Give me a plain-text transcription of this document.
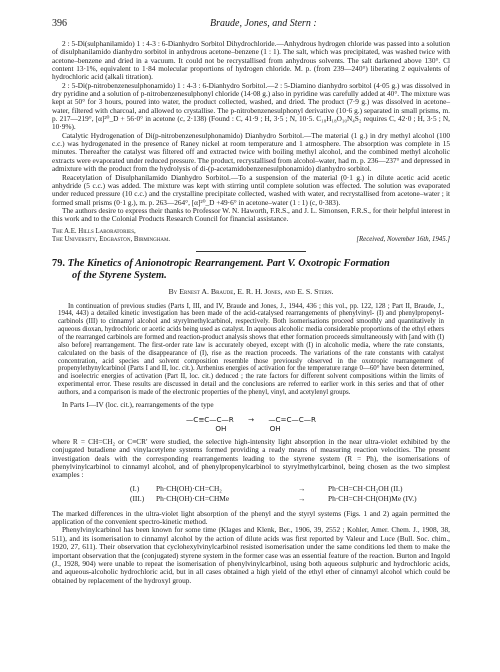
396	Braude, Jones, and Stern :

2 : 5-Di(sulphanilamido) 1 : 4-3 : 6-Dianhydro Sorbitol Dihydrochloride.—Anhydrous hydrogen chloride was passed into a solution of disulphanilamido dianhydro sorbitol in anhydrous acetone–benzene (1 : 1). The salt, which was precipitated, was washed twice with acetone–benzene and dried in a vacuum. It could not be recrystallised from anhydrous solvents. The salt darkened above 130°. Cl content 13·1%, equivalent to 1·84 molecular proportions of hydrogen chloride. M. p. (from 239—240°) liberating 2 equivalents of hydrochloric acid (alkali titration).

2 : 5-Di(p-nitrobenzenesulphonamido) 1 : 4-3 : 6-Dianhydro Sorbitol.—2 : 5-Diamino dianhydro sorbitol (4·05 g.) was dissolved in dry pyridine and a solution of p-nitrobenzenesulphonyl chloride (14·08 g.) also in pyridine was carefully added at 40°. The mixture was kept at 50° for 3 hours, poured into water, the product collected, washed, and dried. The product (7·9 g.) was dissolved in acetone–water, filtered with charcoal, and allowed to crystallise. The p-nitrobenzenesulphonyl derivative (10·6 g.) separated in small prisms, m. p. 217—219°, [α]²⁰_D + 56·0° in acetone (c, 2·138) (Found : C, 41·9 ; H, 3·5 ; N, 10·5. C₁₈H₁₈O₁₀N₄S₂ requires C, 42·0 ; H, 3·5 ; N, 10·9%).

Catalytic Hydrogenation of Di(p-nitrobenzenesulphonamido) Dianhydro Sorbitol.—The material (1 g.) in dry methyl alcohol (100 c.c.) was hydrogenated in the presence of Raney nickel at room temperature and 1 atmosphere. The absorption was complete in 15 minutes. Thereafter the catalyst was filtered off and extracted twice with boiling methyl alcohol, and the combined methyl alcoholic extracts were evaporated under reduced pressure. The product, recrystallised from alcohol–water, had m. p. 236—237° and depressed in admixture with the product from the hydrolysis of di-(p-acetamidobenzenesulphonamido) dianhydro sorbitol.

Reacetylation of Disulphanilamido Dianhydro Sorbitol.—To a suspension of the material (0·1 g.) in dilute acetic acid acetic anhydride (5 c.c.) was added. The mixture was kept with stirring until complete solution was effected. The solution was evaporated under reduced pressure (10 c.c.) and the crystalline precipitate collected, washed with water, and recrystallised from acetone–water ; it formed small prisms (0·1 g.), m. p. 263—264°, [α]²⁰_D +49·6° in acetone–water (1 : 1) (c, 0·383).

The authors desire to express their thanks to Professor W. N. Haworth, F.R.S., and J. L. Simonsen, F.R.S., for their helpful interest in this work and to the Colonial Products Research Council for financial assistance.

The A.E. Hills Laboratories,
The University, Edgbaston, Birmingham.	[Received, November 16th, 1945.]
79. The Kinetics of Anionotropic Rearrangement. Part V. Oxotropic Formation
of the Styrene System.
By Ernest A. Braude, E. R. H. Jones, and E. S. Stern.

In continuation of previous studies (Parts I, III, and IV, Braude and Jones, J., 1944, 436 ; this vol., pp. 122, 128 ; Part II, Braude, J., 1944, 443) a detailed kinetic investigation has been made of the acid-catalysed rearrangements of phenylvinyl- (I) and phenylpropenyl-carbinols (III) to cinnamyl alcohol and styrylmethylcarbinol, respectively. Both isomerisations proceed smoothly and quantitatively in aqueous dioxan, hydrochloric or acetic acids being used as catalyst. In aqueous alcoholic media considerable proportions of the ethyl ethers of the rearranged carbinols are formed and reaction-product analysis shows that ether formation proceeds simultaneously with [and with (I) also before] rearrangement. The first-order rate law is accurately obeyed, except with (I) in alcoholic media, where the rate constants, calculated on the basis of the disappearance of (I), rise as the reaction proceeds. The variations of the rate constants with catalyst concentration, acid species and solvent composition resemble those previously observed in the oxotropic rearrangement of propenylethynylcarbinol (Parts I and II, loc. cit.). Arrhenius energies of activation for the temperature range 0—60° have been determined, and isoelectric energies of activation (Part II, loc. cit.) deduced ; the rate factors for different solvent compositions within the limits of experimental error. These results are discussed in detail and the conclusions are referred to earlier work in this series and that of other authors, and a comparison is made of the electronic properties of the phenyl, vinyl, and acetylenyl groups.

In Parts I—IV (loc. cit.), rearrangements of the type

—C≡C—C—R
OH
→ —C=C—C—R
OH

where R = CH=CH₂ or C≡CR′ were studied, the selective high-intensity light absorption in the near ultra-violet exhibited by the conjugated butadiene and vinylacetylene systems formed providing a ready means of measuring reaction velocities. The present investigation deals with the corresponding rearrangements leading to the styrene system (R = Ph), the isomerisations of phenylvinylcarbinol to cinnamyl alcohol, and of phenylpropenylcarbinol to styrylmethylcarbinol, being chosen as the two simplest examples :

(I.)	Ph·CH(OH)·CH=CH₂	→	Ph·CH=CH·CH₂OH (II.)
(III.)	Ph·CH(OH)·CH=CHMe	→	Ph·CH=CH·CH(OH)Me (IV.)

The marked differences in the ultra-violet light absorption of the phenyl and the styryl systems (Figs. 1 and 2) again permitted the application of the convenient spectro-kinetic method.

Phenylvinylcarbinol has been known for some time (Klages and Klenk, Ber., 1906, 39, 2552 ; Kohler, Amer. Chem. J., 1908, 38, 511), and its isomerisation to cinnamyl alcohol by the action of dilute acids was first reported by Valeur and Luce (Bull. Soc. chim., 1920, 27, 611). Their observation that cyclohexylvinylcarbinol resisted isomerisation under the same conditions led them to make the important observation that the (conjugated) styrene system in the former case was an essential feature of the reaction. Burton and Ingold (J., 1928, 904) were unable to repeat the isomerisation of phenylvinylcarbinol, using both aqueous sulphuric and hydrochloric acids, and aqueous-alcoholic hydrochloric acid, but in all cases obtained a high yield of the ethyl ether of cinnamyl alcohol which could be obtained by replacement of the hydroxyl group.
